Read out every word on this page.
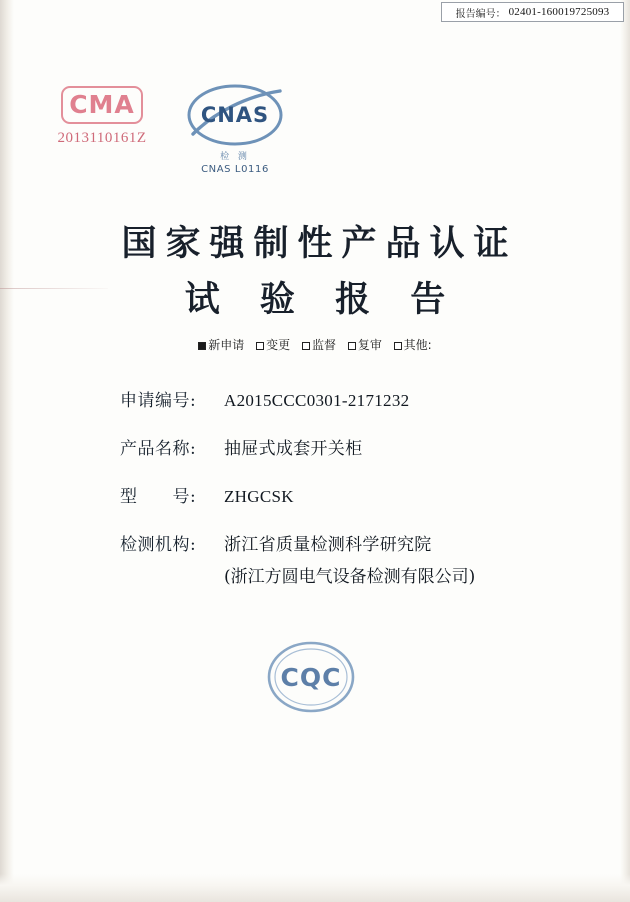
报告编号： 02401-160019725093
CMA
2013110161Z
CNAS
检 测
CNAS L0116
国家强制性产品认证
试 验 报 告
新申请 变更 监督 复审 其他:
申请编号:	A2015CCC0301-2171232
产品名称:	抽屉式成套开关柜
型　　号:	ZHGCSK
检测机构:	浙江省质量检测科学研究院
(浙江方圆电气设备检测有限公司)
CQC
